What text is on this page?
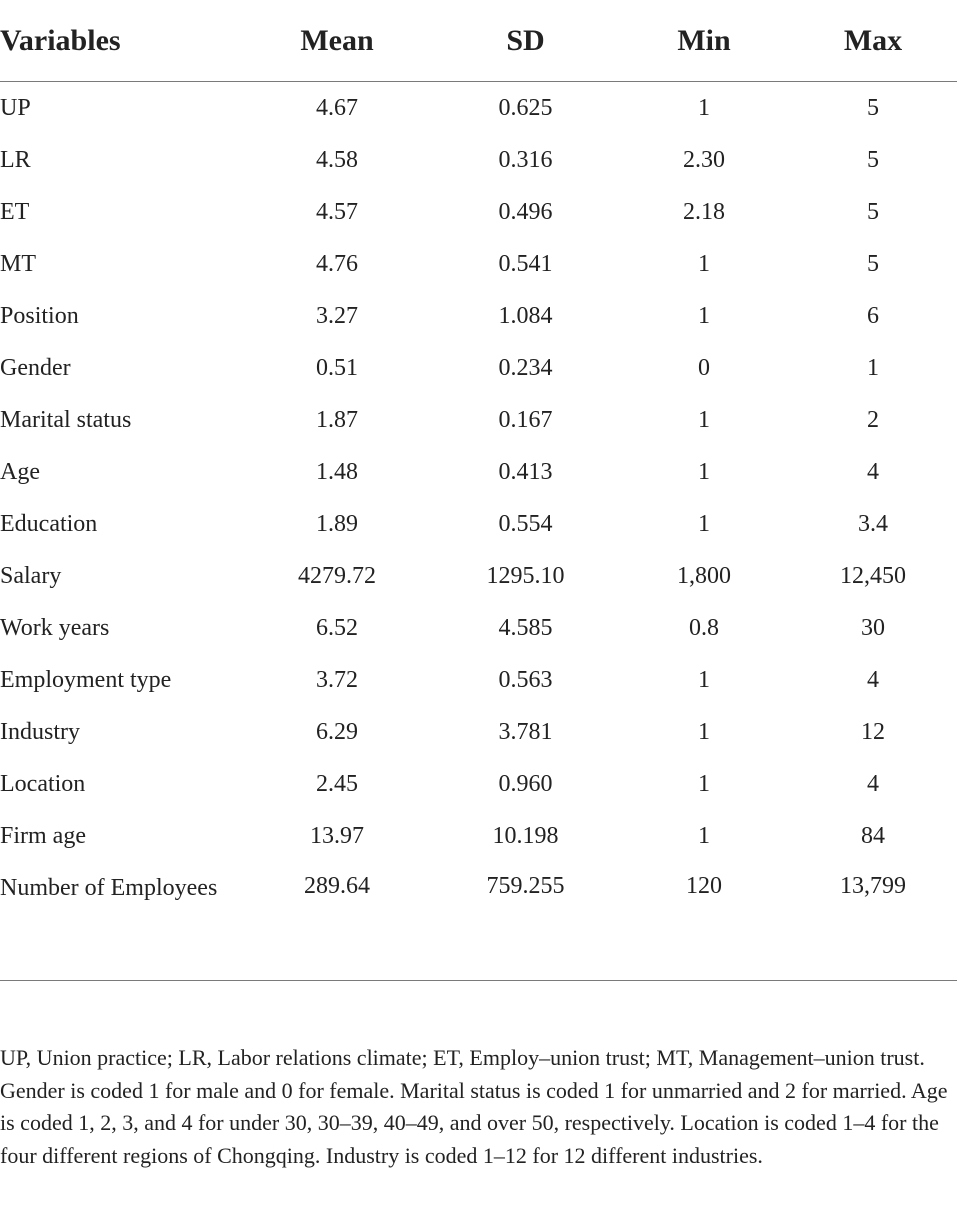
Variables	Mean	SD	Min	Max
UP	4.67	0.625	1	5
LR	4.58	0.316	2.30	5
ET	4.57	0.496	2.18	5
MT	4.76	0.541	1	5
Position	3.27	1.084	1	6
Gender	0.51	0.234	0	1
Marital status	1.87	0.167	1	2
Age	1.48	0.413	1	4
Education	1.89	0.554	1	3.4
Salary	4279.72	1295.10	1,800	12,450
Work years	6.52	4.585	0.8	30
Employment type	3.72	0.563	1	4
Industry	6.29	3.781	1	12
Location	2.45	0.960	1	4
Firm age	13.97	10.198	1	84
Number of Employees	289.64	759.255	120	13,799

UP, Union practice; LR, Labor relations climate; ET, Employ–union trust; MT, Management–union trust. Gender is coded 1 for male and 0 for female. Marital status is coded 1 for unmarried and 2 for married. Age is coded 1, 2, 3, and 4 for under 30, 30–39, 40–49, and over 50, respectively. Location is coded 1–4 for the four different regions of Chongqing. Industry is coded 1–12 for 12 different industries.
